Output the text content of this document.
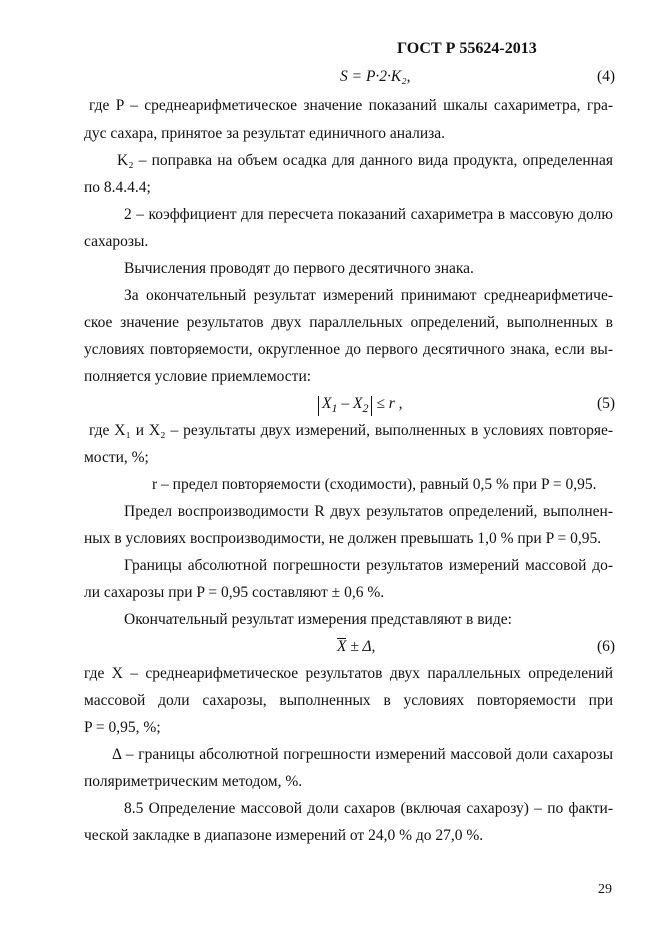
ГОСТ Р 55624-2013
S = P·2·K₂,	(4)
где P – среднеарифметическое значение показаний шкалы сахариметра, гра-
дус сахара, принятое за результат единичного анализа.
K₂ – поправка на объем осадка для данного вида продукта, определенная
по 8.4.4.4;
2 – коэффициент для пересчета показаний сахариметра в массовую долю
сахарозы.
Вычисления проводят до первого десятичного знака.
За окончательный результат измерений принимают среднеарифметиче-
ское значение результатов двух параллельных определений, выполненных в
условиях повторяемости, округленное до первого десятичного знака, если вы-
полняется условие приемлемости:
$X_1 - X_2 \le r$ ,	(5)
где X₁ и X₂ – результаты двух измерений, выполненных в условиях повторяе-
мости, %;
r – предел повторяемости (сходимости), равный 0,5 % при P = 0,95.
Предел воспроизводимости R двух результатов определений, выполнен-
ных в условиях воспроизводимости, не должен превышать 1,0 % при P = 0,95.
Границы абсолютной погрешности результатов измерений массовой до-
ли сахарозы при P = 0,95 составляют ± 0,6 %.
Окончательный результат измерения представляют в виде:
X ± Δ,	(6)
где X – среднеарифметическое результатов двух параллельных определений
массовой доли сахарозы, выполненных в условиях повторяемости при
P = 0,95, %;
Δ – границы абсолютной погрешности измерений массовой доли сахарозы
поляриметрическим методом, %.
8.5 Определение массовой доли сахаров (включая сахарозу) – по факти-
ческой закладке в диапазоне измерений от 24,0 % до 27,0 %.
29
